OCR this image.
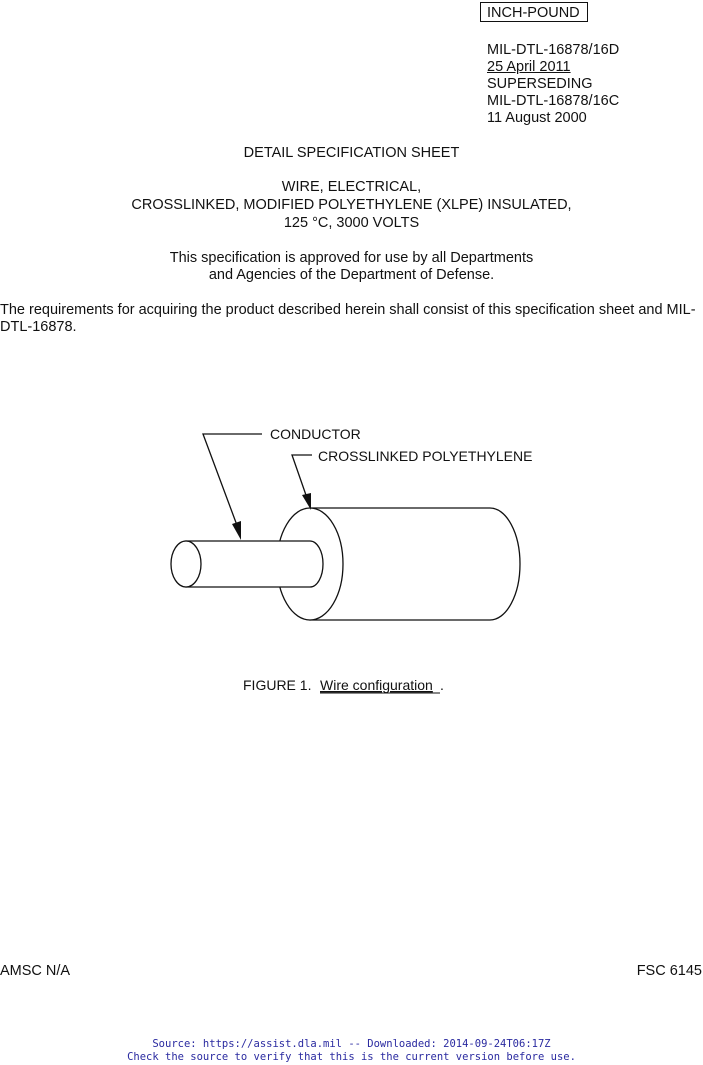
INCH-POUND
MIL-DTL-16878/16D
25 April 2011
SUPERSEDING
MIL-DTL-16878/16C
11 August 2000
DETAIL SPECIFICATION SHEET
WIRE, ELECTRICAL,
CROSSLINKED, MODIFIED POLYETHYLENE (XLPE) INSULATED,
125 °C, 3000 VOLTS
This specification is approved for use by all Departments
and Agencies of the Department of Defense.
The requirements for acquiring the product described herein shall consist of this specification sheet and MIL-DTL-16878.
CONDUCTOR
CROSSLINKED POLYETHYLENE
FIGURE 1. Wire configuration .
AMSC N/A	FSC 6145
Source: https://assist.dla.mil -- Downloaded: 2014-09-24T06:17Z
Check the source to verify that this is the current version before use.
